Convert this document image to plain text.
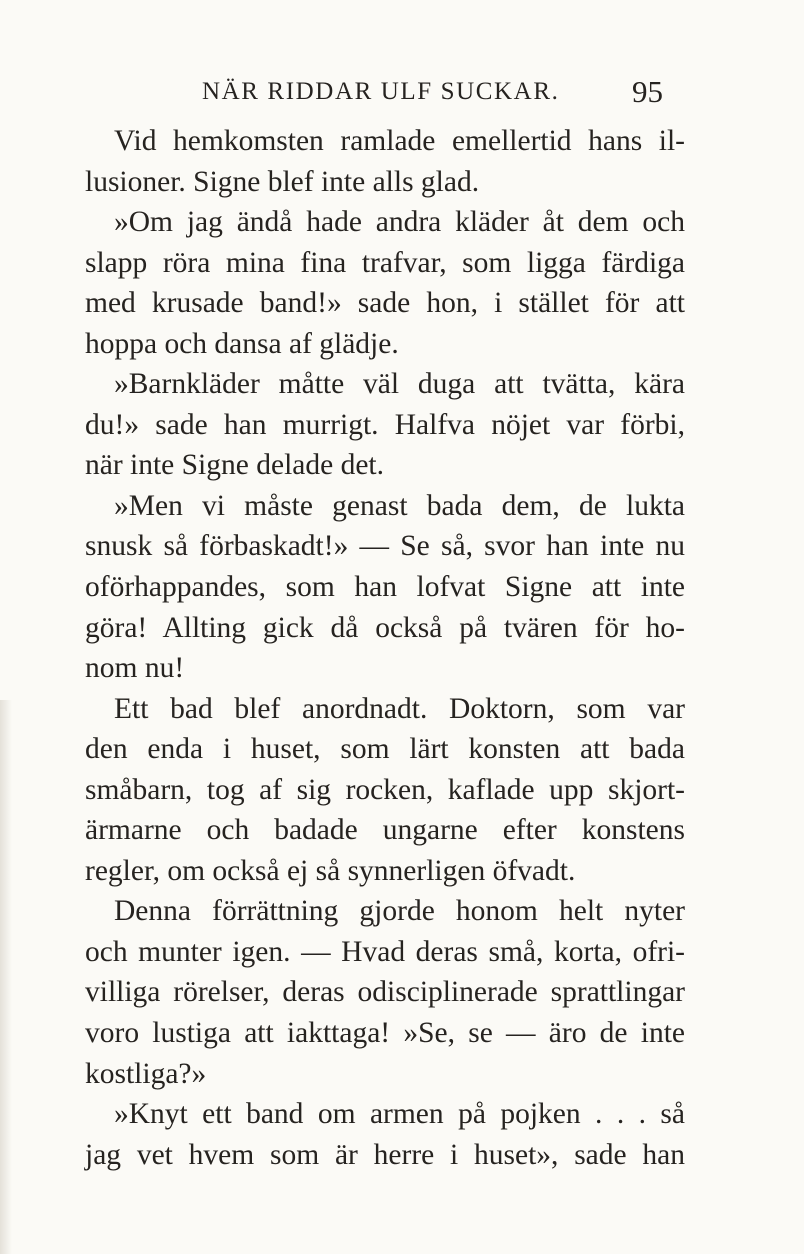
NÄR RIDDAR ULF SUCKAR. 95
Vid hemkomsten ramlade emellertid hans il-
lusioner. Signe blef inte alls glad.
»Om jag ändå hade andra kläder åt dem och
slapp röra mina fina trafvar, som ligga färdiga
med krusade band!» sade hon, i stället för att
hoppa och dansa af glädje.
»Barnkläder måtte väl duga att tvätta, kära
du!» sade han murrigt. Halfva nöjet var förbi,
när inte Signe delade det.
»Men vi måste genast bada dem, de lukta
snusk så förbaskadt!» — Se så, svor han inte nu
oförhappandes, som han lofvat Signe att inte
göra! Allting gick då också på tvären för ho-
nom nu!
Ett bad blef anordnadt. Doktorn, som var
den enda i huset, som lärt konsten att bada
småbarn, tog af sig rocken, kaflade upp skjort-
ärmarne och badade ungarne efter konstens
regler, om också ej så synnerligen öfvadt.
Denna förrättning gjorde honom helt nyter
och munter igen. — Hvad deras små, korta, ofri-
villiga rörelser, deras odisciplinerade sprattlingar
voro lustiga att iakttaga! »Se, se — äro de inte
kostliga?»
»Knyt ett band om armen på pojken . . . så
jag vet hvem som är herre i huset», sade han
